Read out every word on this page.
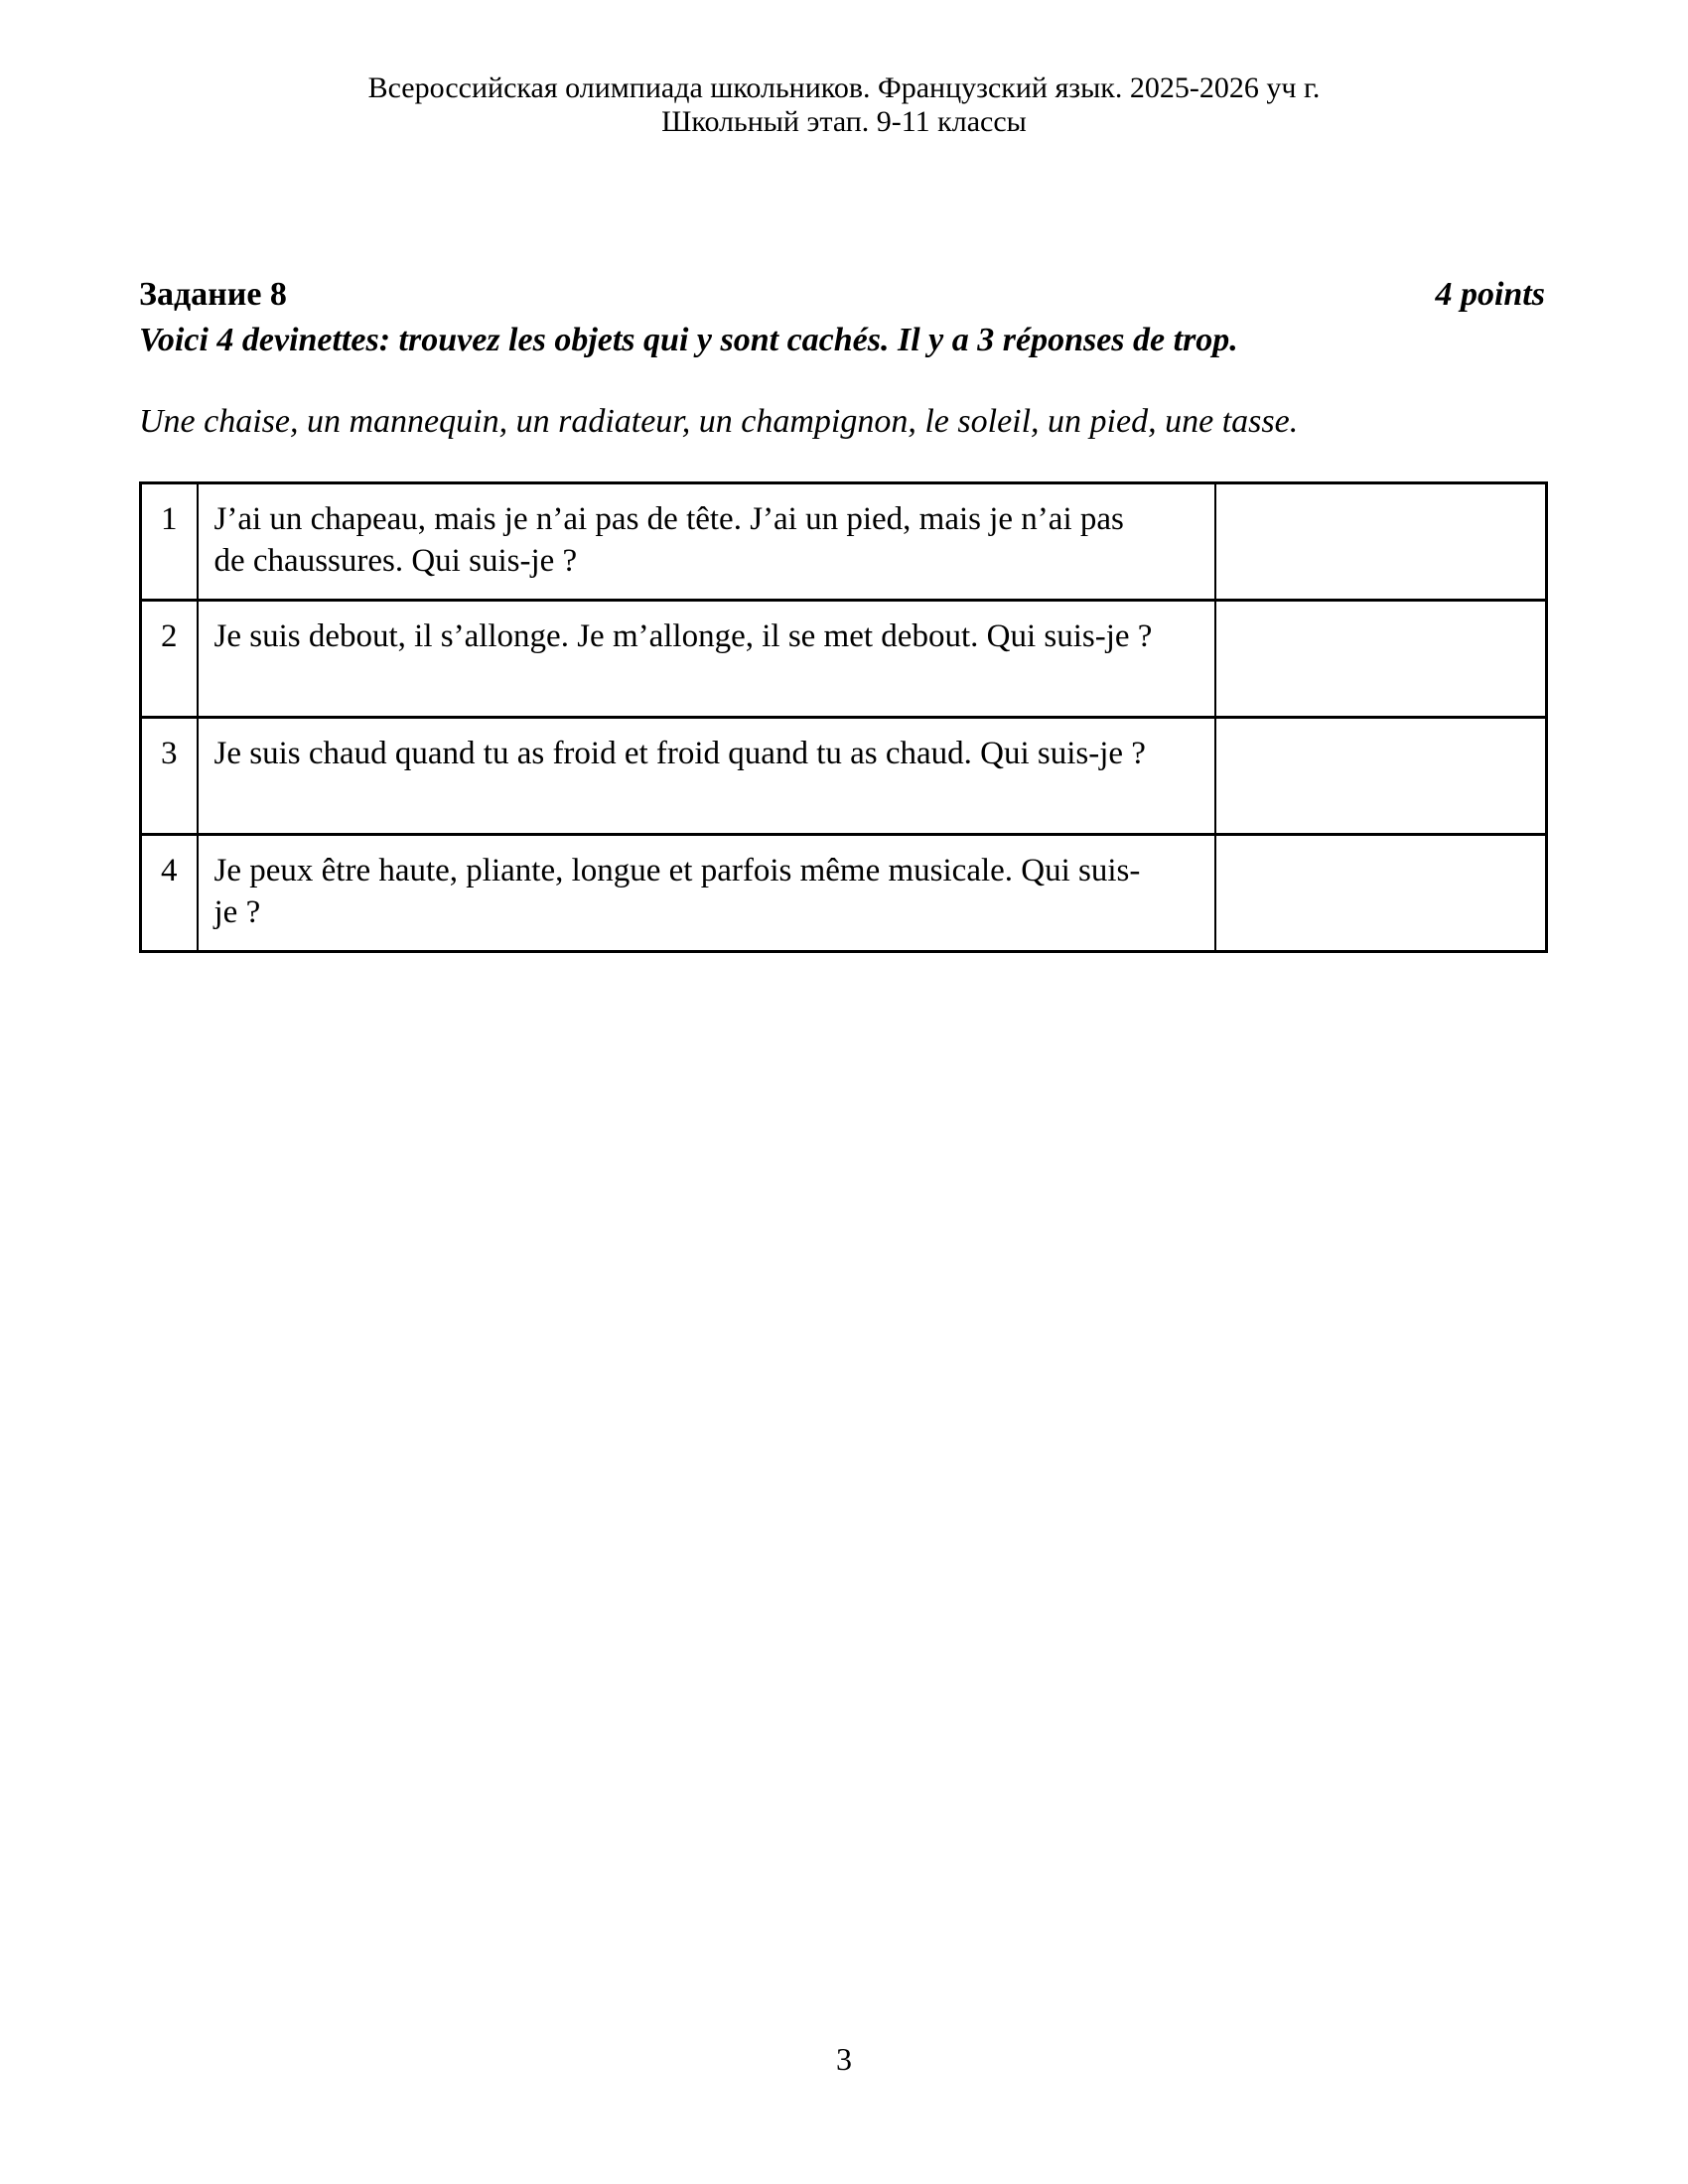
Всероссийская олимпиада школьников. Французский язык. 2025-2026 уч г.
Школьный этап. 9-11 классы
Задание 8	4 points
Voici 4 devinettes: trouvez les objets qui y sont cachés. Il y a 3 réponses de trop.
Une chaise, un mannequin, un radiateur, un champignon, le soleil, un pied, une tasse.
1	J’ai un chapeau, mais je n’ai pas de tête. J’ai un pied, mais je n’ai pas de chaussures. Qui suis-je ?	
2	Je suis debout, il s’allonge. Je m’allonge, il se met debout. Qui suis-je ?	
3	Je suis chaud quand tu as froid et froid quand tu as chaud. Qui suis-je ?	
4	Je peux être haute, pliante, longue et parfois même musicale. Qui suis-je ?	
3
